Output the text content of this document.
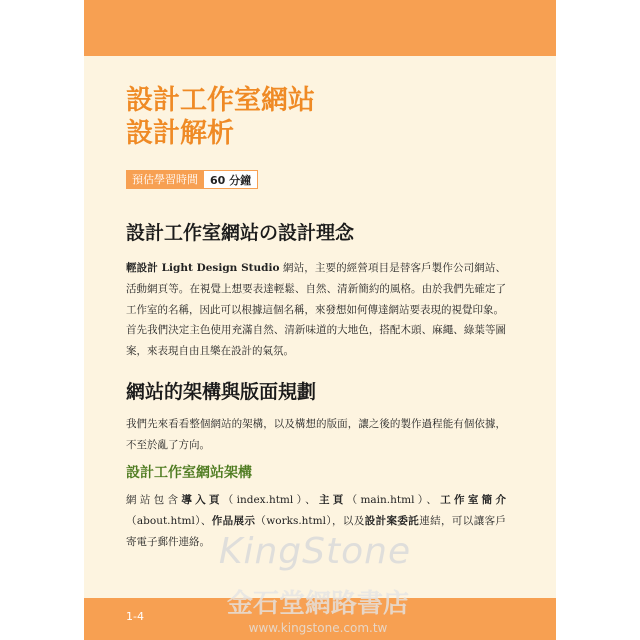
設計工作室網站
設計解析
預估學習時間	60 分鐘
設計工作室網站の設計理念

輕設計 Light Design Studio 網站，主要的經營項目是替客戶製作公司網站、活動網頁等。在視覺上想要表達輕鬆、自然、清新簡約的風格。由於我們先確定了工作室的名稱，因此可以根據這個名稱，來發想如何傳達網站要表現的視覺印象。

首先我們決定主色使用充滿自然、清新味道的大地色，搭配木頭、麻繩、綠葉等圖案，來表現自由且樂在設計的氣氛。

網站的架構與版面規劃

我們先來看看整個網站的架構，以及構想的版面，讓之後的製作過程能有個依據，不至於亂了方向。

設計工作室網站架構

網站包含導入頁（index.html）、主頁（main.html）、工作室簡介（about.html）、作品展示（works.html），以及設計案委託連結，可以讓客戶寄電子郵件連絡。

1-4
KingStone
金石堂網路書店
www.kingstone.com.tw
